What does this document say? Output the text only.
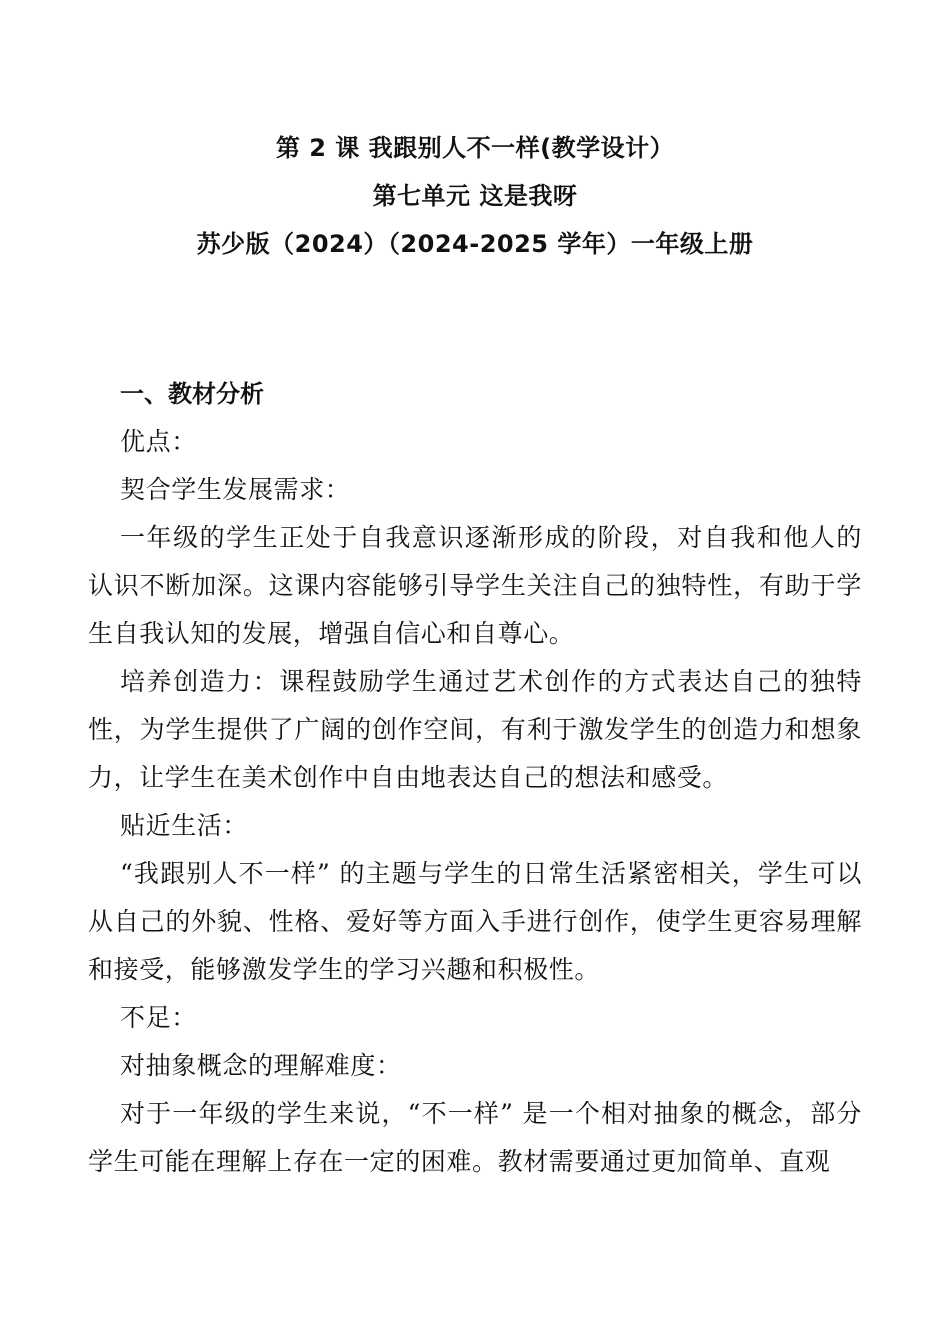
第 2 课 我跟别人不一样(教学设计）
第七单元 这是我呀
苏少版（2024）（2024-2025 学年）一年级上册
一、教材分析

优点：

契合学生发展需求：

一年级的学生正处于自我意识逐渐形成的阶段，对自我和他人的认识不断加深。这课内容能够引导学生关注自己的独特性，有助于学生自我认知的发展，增强自信心和自尊心。

培养创造力：课程鼓励学生通过艺术创作的方式表达自己的独特性，为学生提供了广阔的创作空间，有利于激发学生的创造力和想象力，让学生在美术创作中自由地表达自己的想法和感受。

贴近生活：

“我跟别人不一样” 的主题与学生的日常生活紧密相关，学生可以从自己的外貌、性格、爱好等方面入手进行创作，使学生更容易理解和接受，能够激发学生的学习兴趣和积极性。

不足：

对抽象概念的理解难度：

对于一年级的学生来说，“不一样” 是一个相对抽象的概念，部分学生可能在理解上存在一定的困难。教材需要通过更加简单、直观
